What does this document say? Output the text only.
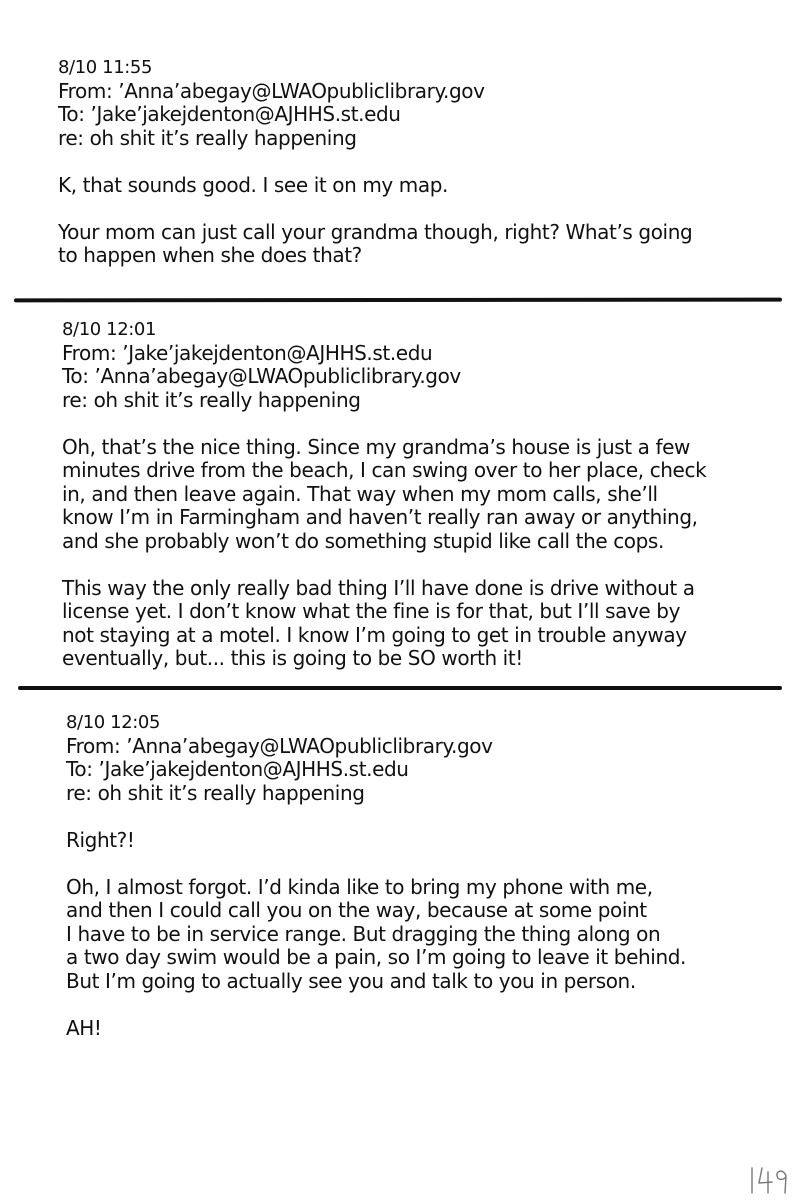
8/10 11:55
From: ’Anna’abegay@LWAOpubliclibrary.gov
To: ’Jake’jakejdenton@AJHHS.st.edu
re: oh shit it’s really happening
K, that sounds good. I see it on my map.
Your mom can just call your grandma though, right? What’s going
to happen when she does that?
8/10 12:01
From: ’Jake’jakejdenton@AJHHS.st.edu
To: ’Anna’abegay@LWAOpubliclibrary.gov
re: oh shit it’s really happening
Oh, that’s the nice thing. Since my grandma’s house is just a few
minutes drive from the beach, I can swing over to her place, check
in, and then leave again. That way when my mom calls, she’ll
know I’m in Farmingham and haven’t really ran away or anything,
and she probably won’t do something stupid like call the cops.
This way the only really bad thing I’ll have done is drive without a
license yet. I don’t know what the fine is for that, but I’ll save by
not staying at a motel. I know I’m going to get in trouble anyway
eventually, but... this is going to be SO worth it!
8/10 12:05
From: ’Anna’abegay@LWAOpubliclibrary.gov
To: ’Jake’jakejdenton@AJHHS.st.edu
re: oh shit it’s really happening
Right?!
Oh, I almost forgot. I’d kinda like to bring my phone with me,
and then I could call you on the way, because at some point
I have to be in service range. But dragging the thing along on
a two day swim would be a pain, so I’m going to leave it behind.
But I’m going to actually see you and talk to you in person.
AH!
